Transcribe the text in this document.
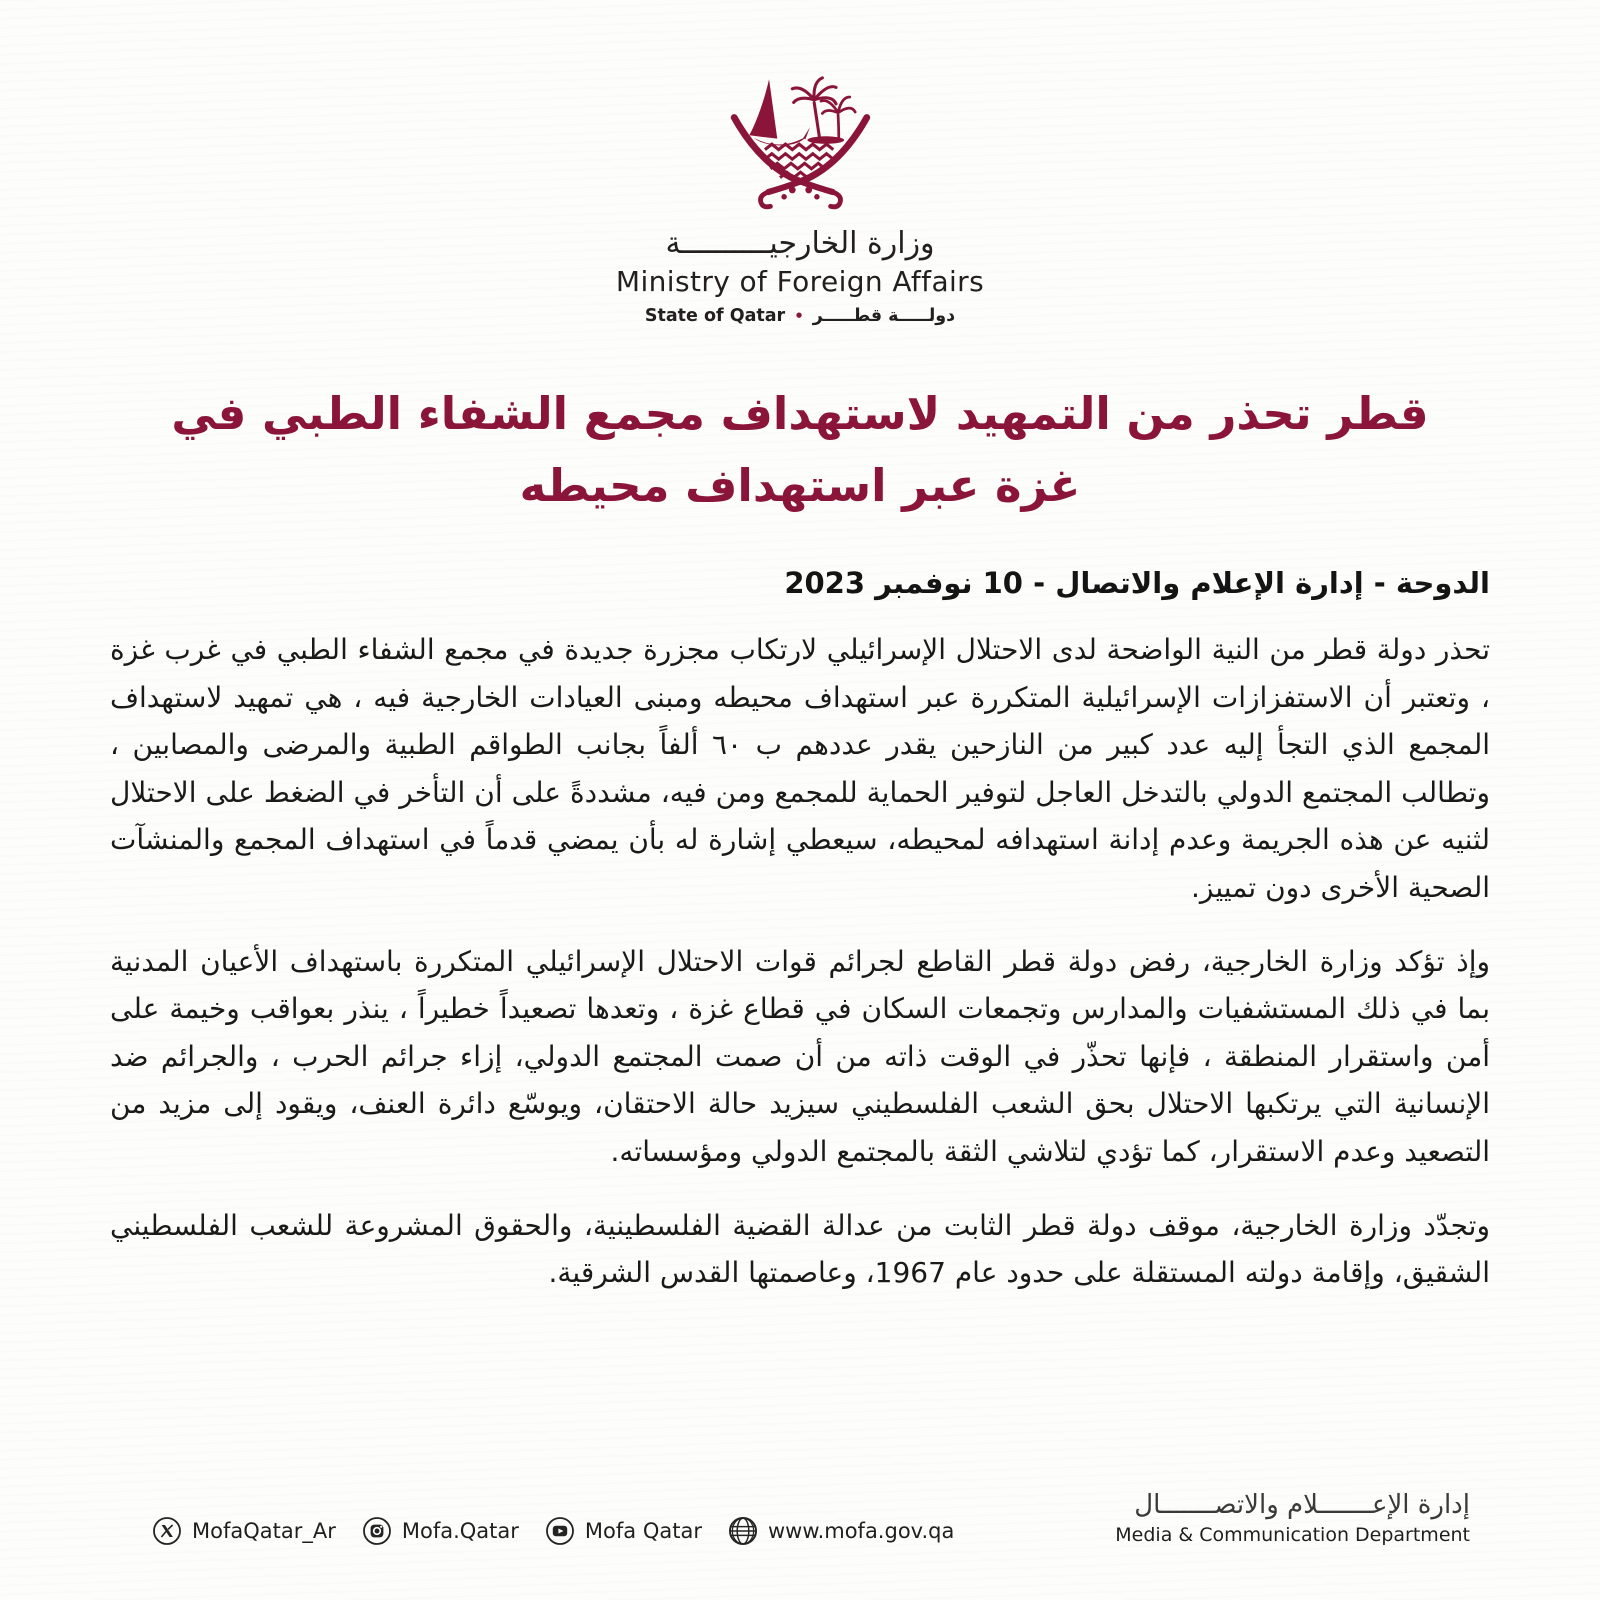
وزارة الخارجيــــــــــة
Ministry of Foreign Affairs
State of Qatar • دولـــــة قطـــــر
قطر تحذر من التمهيد لاستهداف مجمع الشفاء الطبي في غزة عبر استهداف محيطه
الدوحة - إدارة الإعلام والاتصال - 10 نوفمبر 2023

تحذر دولة قطر من النية الواضحة لدى الاحتلال الإسرائيلي لارتكاب مجزرة جديدة في مجمع الشفاء الطبي في غرب غزة ، وتعتبر أن الاستفزازات الإسرائيلية المتكررة عبر استهداف محيطه ومبنى العيادات الخارجية فيه ، هي تمهيد لاستهداف المجمع الذي التجأ إليه عدد كبير من النازحين يقدر عددهم ب ٦٠ ألفاً بجانب الطواقم الطبية والمرضى والمصابين ، وتطالب المجتمع الدولي بالتدخل العاجل لتوفير الحماية للمجمع ومن فيه، مشددةً على أن التأخر في الضغط على الاحتلال لثنيه عن هذه الجريمة وعدم إدانة استهدافه لمحيطه، سيعطي إشارة له بأن يمضي قدماً في استهداف المجمع والمنشآت الصحية الأخرى دون تمييز.

وإذ تؤكد وزارة الخارجية، رفض دولة قطر القاطع لجرائم قوات الاحتلال الإسرائيلي المتكررة باستهداف الأعيان المدنية بما في ذلك المستشفيات والمدارس وتجمعات السكان في قطاع غزة ، وتعدها تصعيداً خطيراً ، ينذر بعواقب وخيمة على أمن واستقرار المنطقة ، فإنها تحذّر في الوقت ذاته من أن صمت المجتمع الدولي، إزاء جرائم الحرب ، والجرائم ضد الإنسانية التي يرتكبها الاحتلال بحق الشعب الفلسطيني سيزيد حالة الاحتقان، ويوسّع دائرة العنف، ويقود إلى مزيد من التصعيد وعدم الاستقرار، كما تؤدي لتلاشي الثقة بالمجتمع الدولي ومؤسساته.

وتجدّد وزارة الخارجية، موقف دولة قطر الثابت من عدالة القضية الفلسطينية، والحقوق المشروعة للشعب الفلسطيني الشقيق، وإقامة دولته المستقلة على حدود عام 1967، وعاصمتها القدس الشرقية.

MofaQatar_Ar	Mofa.Qatar	Mofa Qatar	www.mofa.gov.qa
إدارة الإعـــــــلام والاتصـــــــال
Media & Communication Department
